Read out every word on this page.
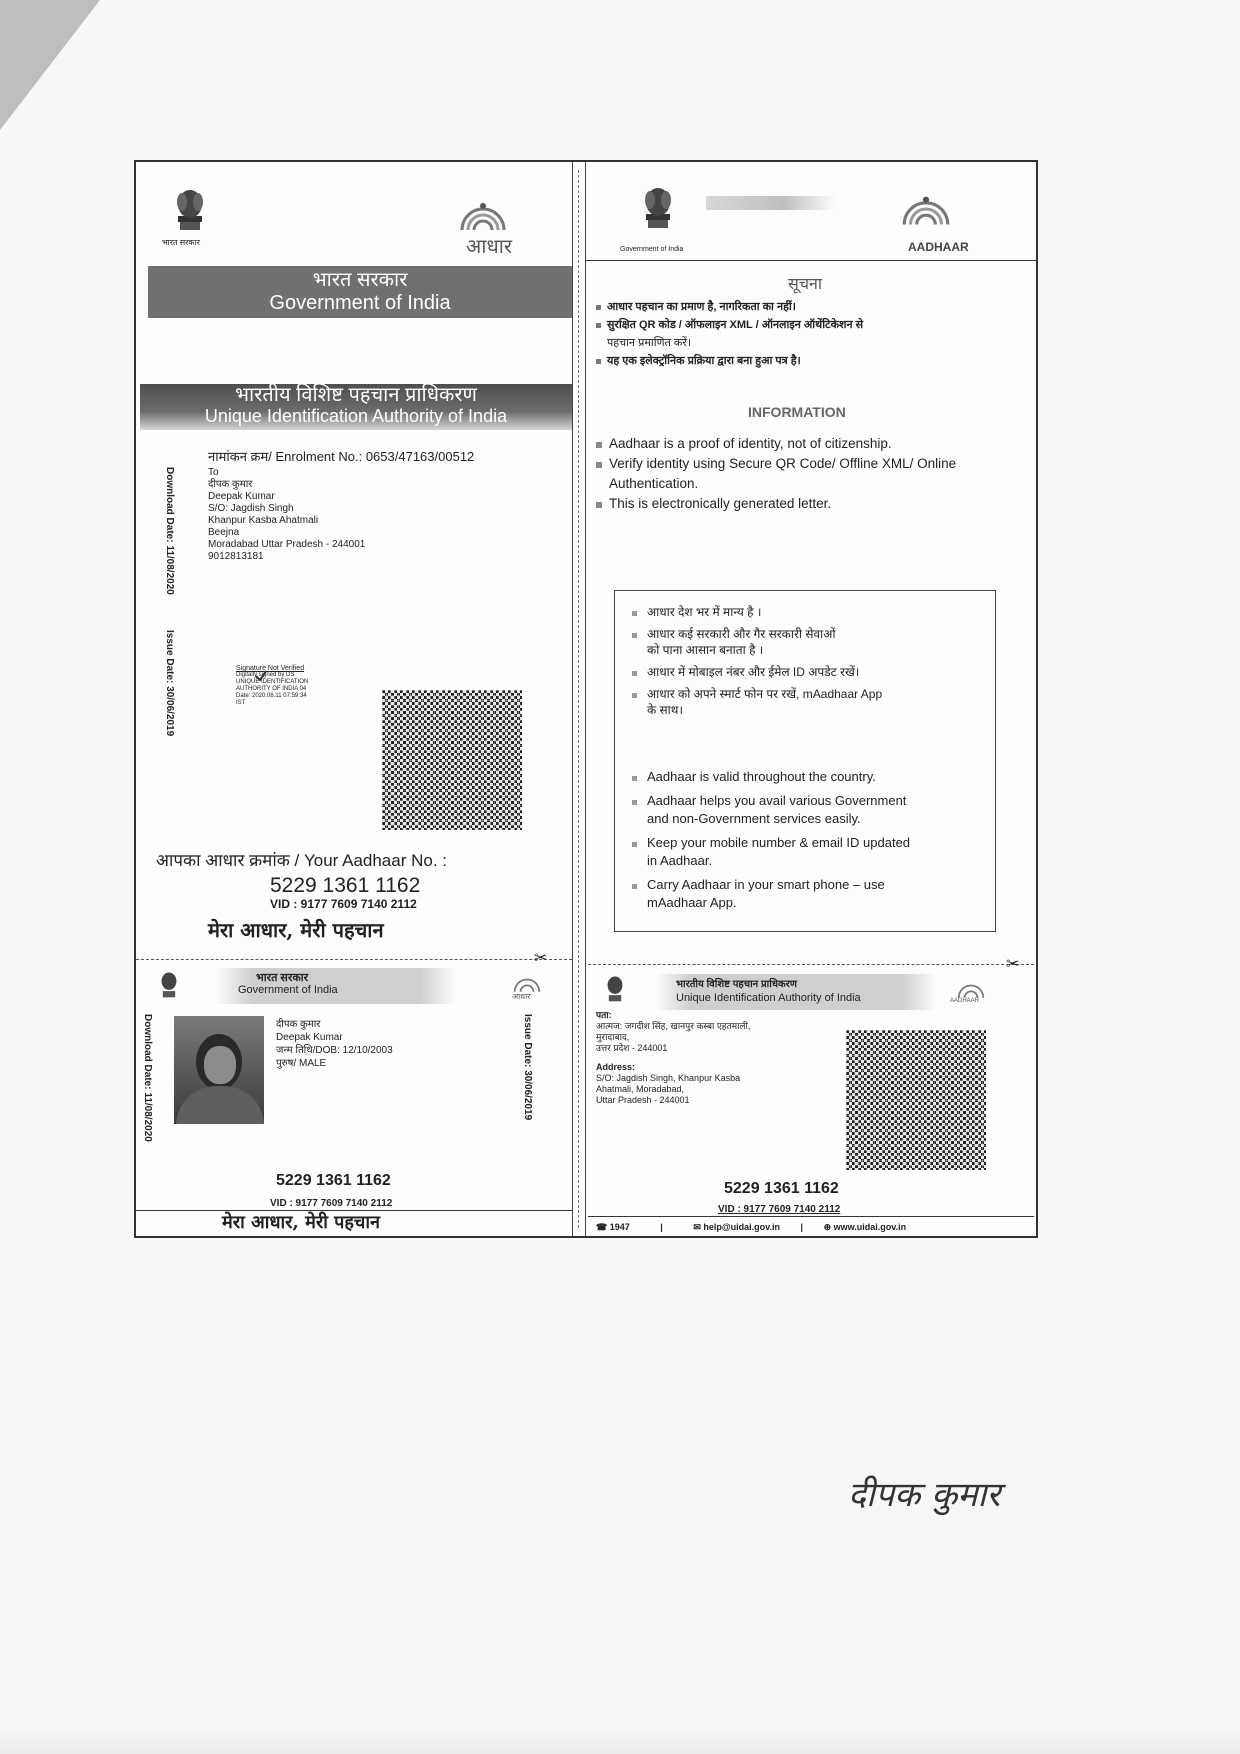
भारत सरकार	आधार
भारत सरकार
Government of India
भारतीय विशिष्ट पहचान प्राधिकरण
Unique Identification Authority of India
नामांकन क्रम/ Enrolment No.: 0653/47163/00512
Download Date: 11/08/2020
Issue Date: 30/06/2019
To
दीपक कुमार
Deepak Kumar
S/O: Jagdish Singh
Khanpur Kasba Ahatmali
Beejna
Moradabad Uttar Pradesh - 244001
9012813181
Signature Not Verified
Digitally signed by DS
UNIQUE IDENTIFICATION
AUTHORITY OF INDIA 04
Date: 2020.08.11 07:59:34
IST
आपका आधार क्रमांक / Your Aadhaar No. :
5229 1361 1162
VID : 9177 7609 7140 2112
मेरा आधार, मेरी पहचान
✂
भारत सरकार
Government of India
आधार
Download Date: 11/08/2020	Issue Date: 30/06/2019
दीपक कुमार
Deepak Kumar
जन्म तिथि/DOB: 12/10/2003
पुरुष/ MALE
5229 1361 1162
VID : 9177 7609 7140 2112
मेरा आधार, मेरी पहचान
Government of India	AADHAAR
सूचना
आधार पहचान का प्रमाण है, नागरिकता का नहीं।
सुरक्षित QR कोड / ऑफलाइन XML / ऑनलाइन ऑथेंटिकेशन से
पहचान प्रमाणित करें।
यह एक इलेक्ट्रॉनिक प्रक्रिया द्वारा बना हुआ पत्र है।
INFORMATION
Aadhaar is a proof of identity, not of citizenship.
Verify identity using Secure QR Code/ Offline XML/ Online
Authentication.
This is electronically generated letter.
आधार देश भर में मान्य है ।
आधार कई सरकारी और गैर सरकारी सेवाओं
को पाना आसान बनाता है ।
आधार में मोबाइल नंबर और ईमेल ID अपडेट रखें।
आधार को अपने स्मार्ट फोन पर रखें, mAadhaar App
के साथ।
Aadhaar is valid throughout the country.
Aadhaar helps you avail various Government
and non-Government services easily.
Keep your mobile number & email ID updated
in Aadhaar.
Carry Aadhaar in your smart phone – use
mAadhaar App.
✂
भारतीय विशिष्ट पहचान प्राधिकरण
Unique Identification Authority of India	AADHAAR
पता:
आत्मज: जगदीश सिंह, खानपुर कस्बा एहतमाली,
मुरादाबाद,
उत्तर प्रदेश - 244001
Address:
S/O: Jagdish Singh, Khanpur Kasba
Ahatmali, Moradabad,
Uttar Pradesh - 244001
5229 1361 1162
VID : 9177 7609 7140 2112
☎ 1947	|	✉ help@uidai.gov.in | ⊕ www.uidai.gov.in
दीपक कुमार
